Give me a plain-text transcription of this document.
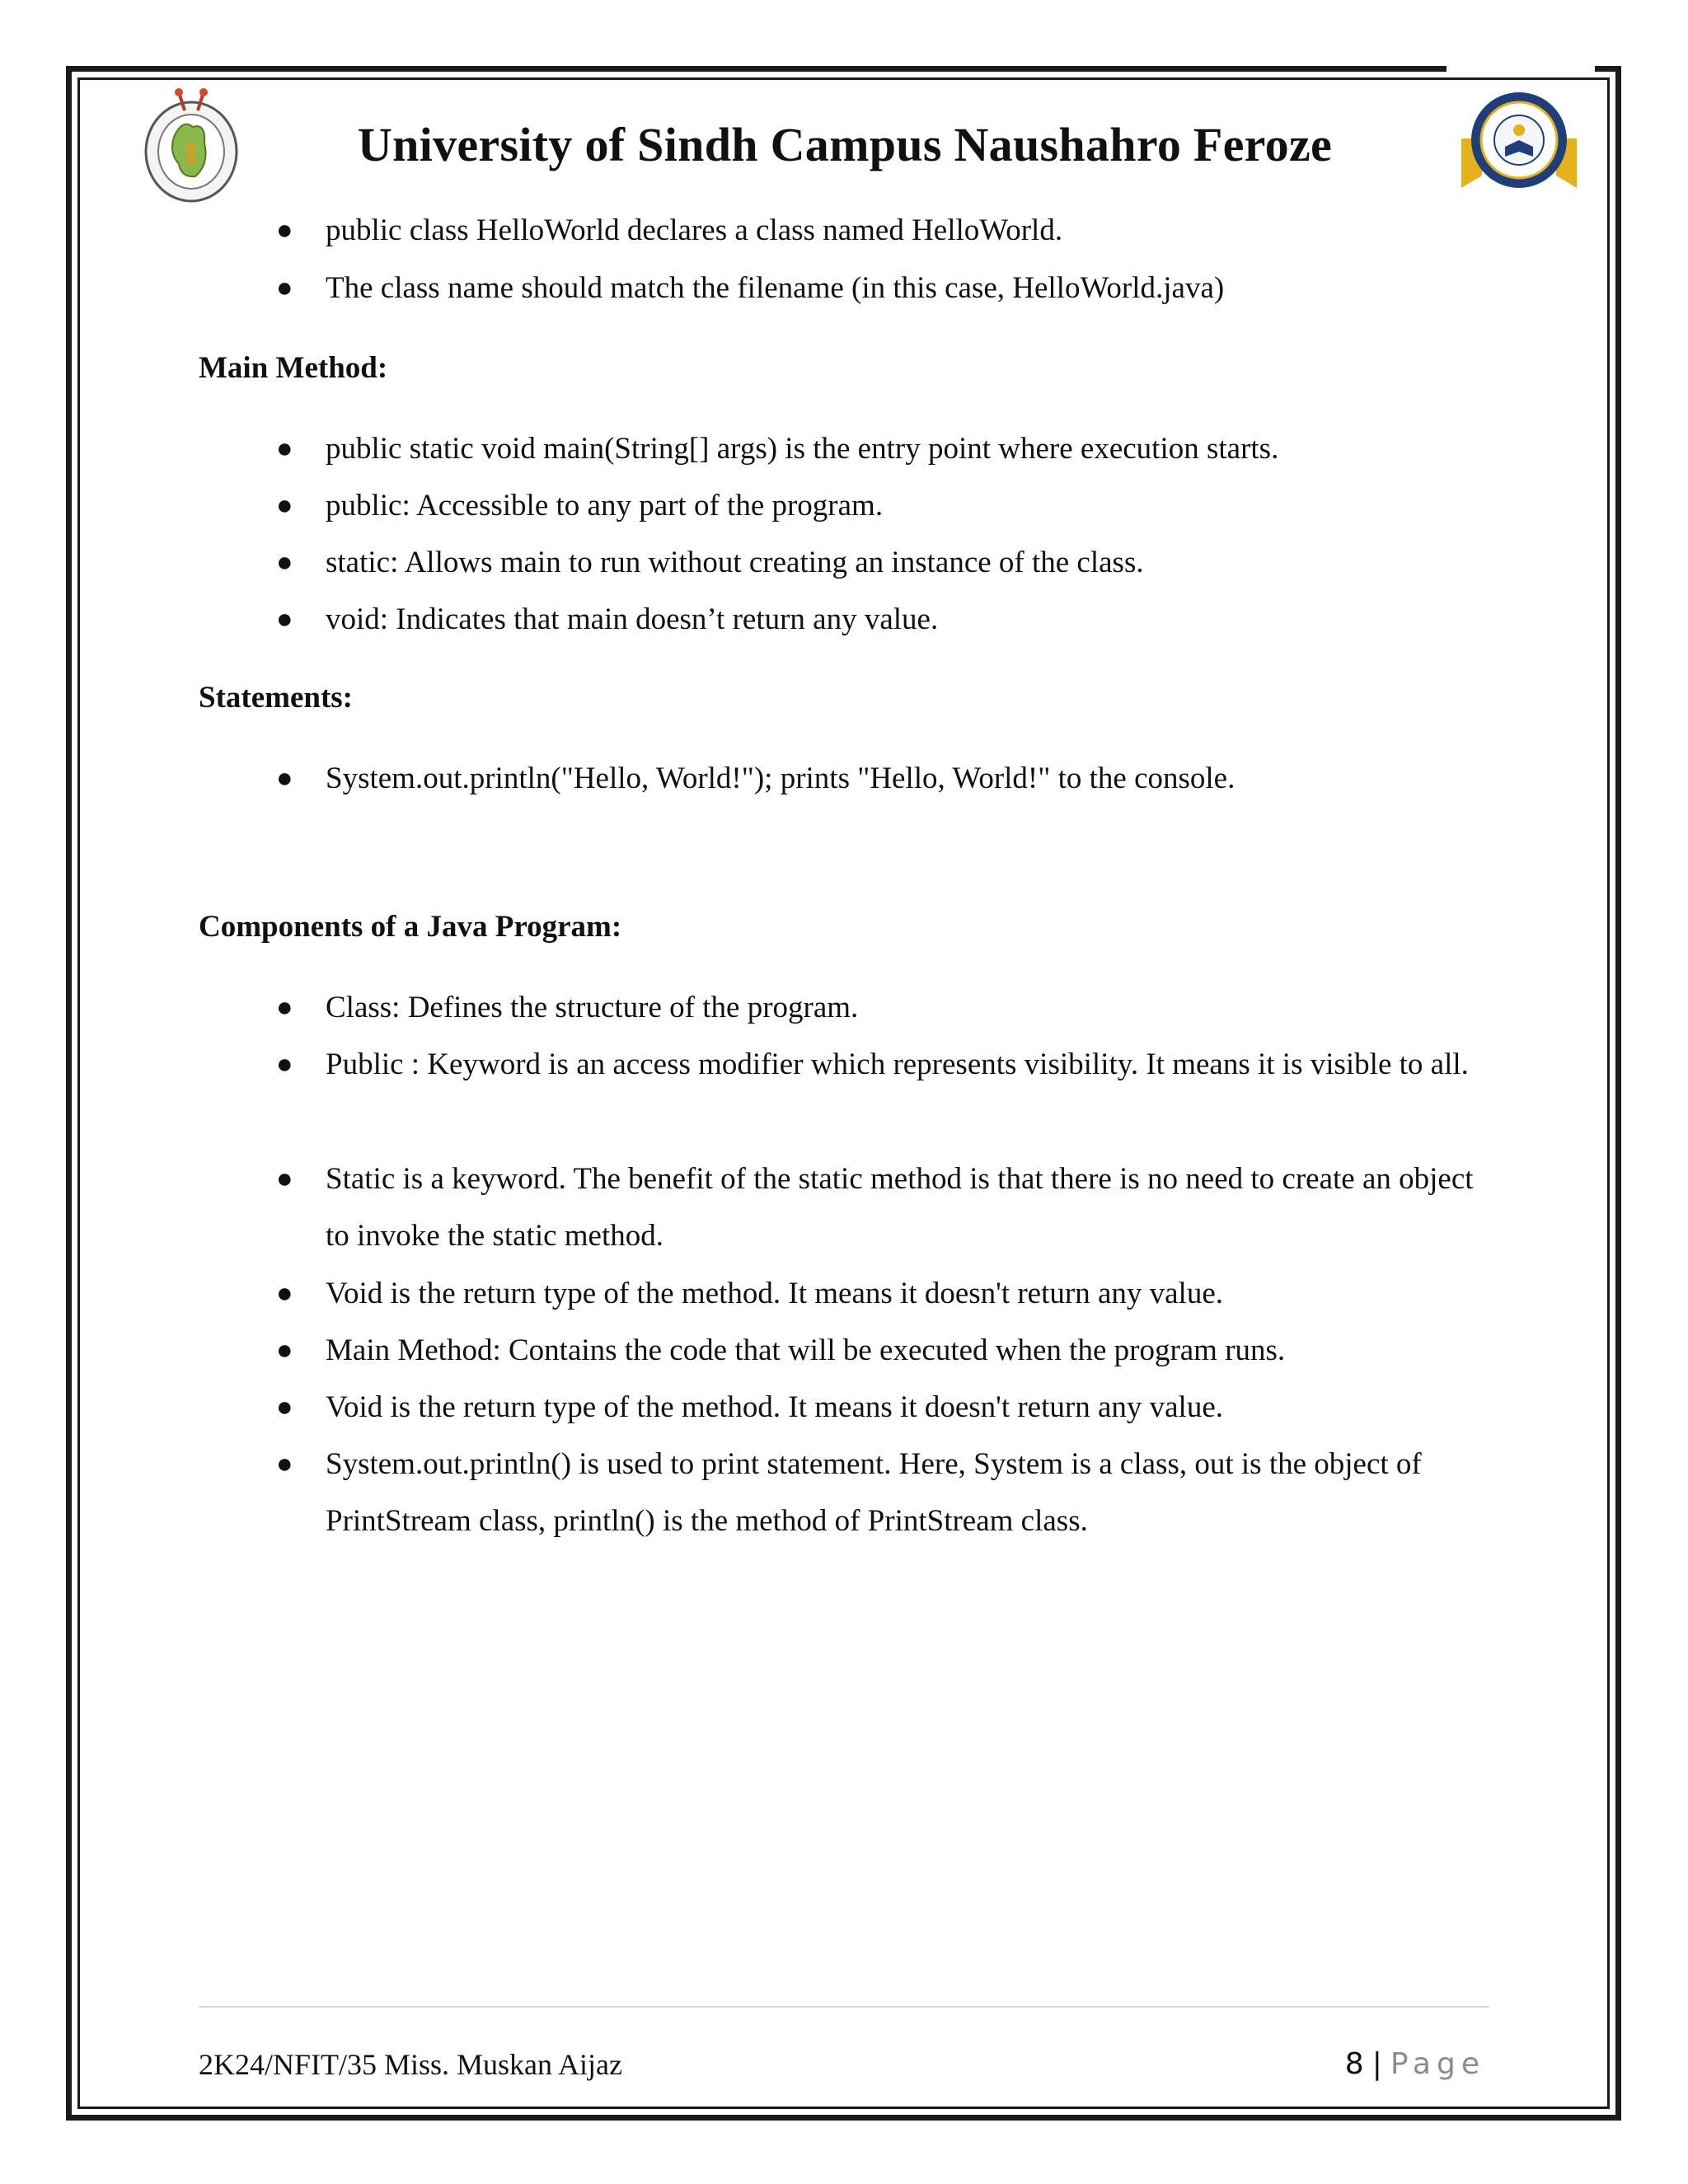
University of Sindh Campus Naushahro Feroze
●	public class HelloWorld declares a class named HelloWorld.
●	The class name should match the filename (in this case, HelloWorld.java)
Main Method:
●	public static void main(String[] args) is the entry point where execution starts.
●	public: Accessible to any part of the program.
●	static: Allows main to run without creating an instance of the class.
●	void: Indicates that main doesn’t return any value.
Statements:
●	System.out.println("Hello, World!"); prints "Hello, World!" to the console.
Components of a Java Program:
●	Class: Defines the structure of the program.
●	Public : Keyword is an access modifier which represents visibility. It means it is visible to all.
●	Static is a keyword. The benefit of the static method is that there is no need to create an object to invoke the static method.
●	Void is the return type of the method. It means it doesn't return any value.
●	Main Method: Contains the code that will be executed when the program runs.
●	Void is the return type of the method. It means it doesn't return any value.
●	System.out.println() is used to print statement. Here, System is a class, out is the object of PrintStream class, println() is the method of PrintStream class.
2K24/NFIT/35 Miss. Muskan Aijaz	8 | Page
